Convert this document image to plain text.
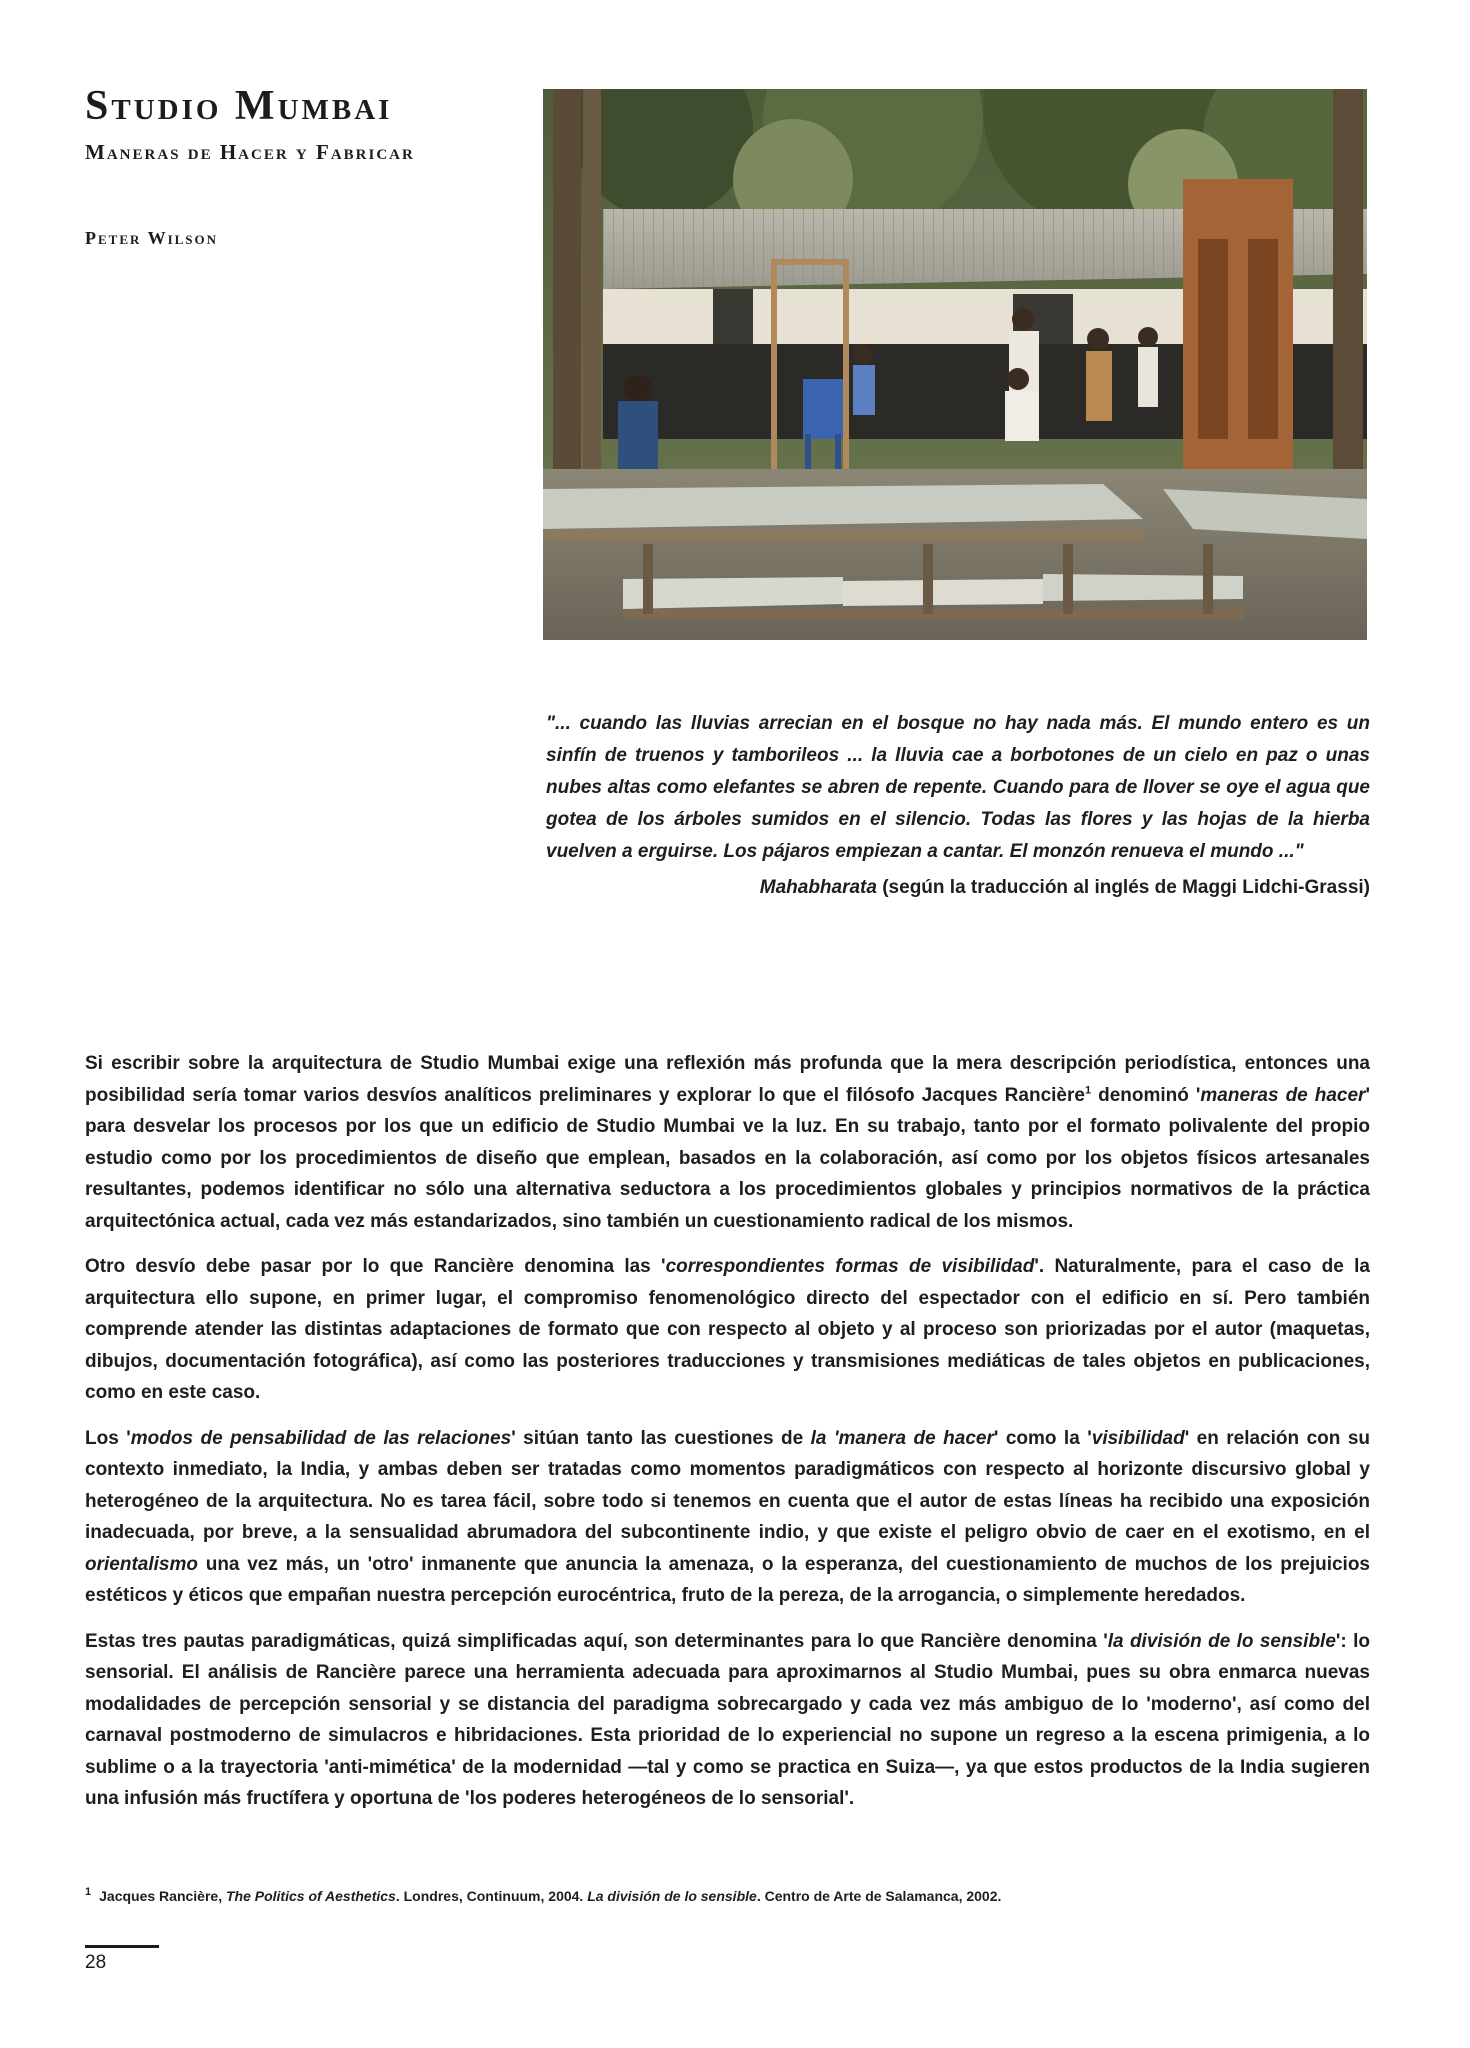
Studio Mumbai
Maneras de Hacer y Fabricar

Peter Wilson

"... cuando las lluvias arrecian en el bosque no hay nada más. El mundo entero es un sinfín de truenos y tamborileos ... la lluvia cae a borbotones de un cielo en paz o unas nubes altas como elefantes se abren de repente. Cuando para de llover se oye el agua que gotea de los árboles sumidos en el silencio. Todas las flores y las hojas de la hierba vuelven a erguirse. Los pájaros empiezan a cantar. El monzón renueva el mundo ..."

Mahabharata (según la traducción al inglés de Maggi Lidchi-Grassi)

Si escribir sobre la arquitectura de Studio Mumbai exige una reflexión más profunda que la mera descripción periodística, entonces una posibilidad sería tomar varios desvíos analíticos preliminares y explorar lo que el filósofo Jacques Rancière$^1$ denominó 'maneras de hacer' para desvelar los procesos por los que un edificio de Studio Mumbai ve la luz. En su trabajo, tanto por el formato polivalente del propio estudio como por los procedimientos de diseño que emplean, basados en la colaboración, así como por los objetos físicos artesanales resultantes, podemos identificar no sólo una alternativa seductora a los procedimientos globales y principios normativos de la práctica arquitectónica actual, cada vez más estandarizados, sino también un cuestionamiento radical de los mismos.

Otro desvío debe pasar por lo que Rancière denomina las 'correspondientes formas de visibilidad'. Naturalmente, para el caso de la arquitectura ello supone, en primer lugar, el compromiso fenomenológico directo del espectador con el edificio en sí. Pero también comprende atender las distintas adaptaciones de formato que con respecto al objeto y al proceso son priorizadas por el autor (maquetas, dibujos, documentación fotográfica), así como las posteriores traducciones y transmisiones mediáticas de tales objetos en publicaciones, como en este caso.

Los 'modos de pensabilidad de las relaciones' sitúan tanto las cuestiones de la 'manera de hacer' como la 'visibilidad' en relación con su contexto inmediato, la India, y ambas deben ser tratadas como momentos paradigmáticos con respecto al horizonte discursivo global y heterogéneo de la arquitectura. No es tarea fácil, sobre todo si tenemos en cuenta que el autor de estas líneas ha recibido una exposición inadecuada, por breve, a la sensualidad abrumadora del subcontinente indio, y que existe el peligro obvio de caer en el exotismo, en el orientalismo una vez más, un 'otro' inmanente que anuncia la amenaza, o la esperanza, del cuestionamiento de muchos de los prejuicios estéticos y éticos que empañan nuestra percepción eurocéntrica, fruto de la pereza, de la arrogancia, o simplemente heredados.

Estas tres pautas paradigmáticas, quizá simplificadas aquí, son determinantes para lo que Rancière denomina 'la división de lo sensible': lo sensorial. El análisis de Rancière parece una herramienta adecuada para aproximarnos al Studio Mumbai, pues su obra enmarca nuevas modalidades de percepción sensorial y se distancia del paradigma sobrecargado y cada vez más ambiguo de lo 'moderno', así como del carnaval postmoderno de simulacros e hibridaciones. Esta prioridad de lo experiencial no supone un regreso a la escena primigenia, a lo sublime o a la trayectoria 'anti-mimética' de la modernidad —tal y como se practica en Suiza—, ya que estos productos de la India sugieren una infusión más fructífera y oportuna de 'los poderes heterogéneos de lo sensorial'.

$^1$ Jacques Rancière, The Politics of Aesthetics. Londres, Continuum, 2004. La división de lo sensible. Centro de Arte de Salamanca, 2002.

28
